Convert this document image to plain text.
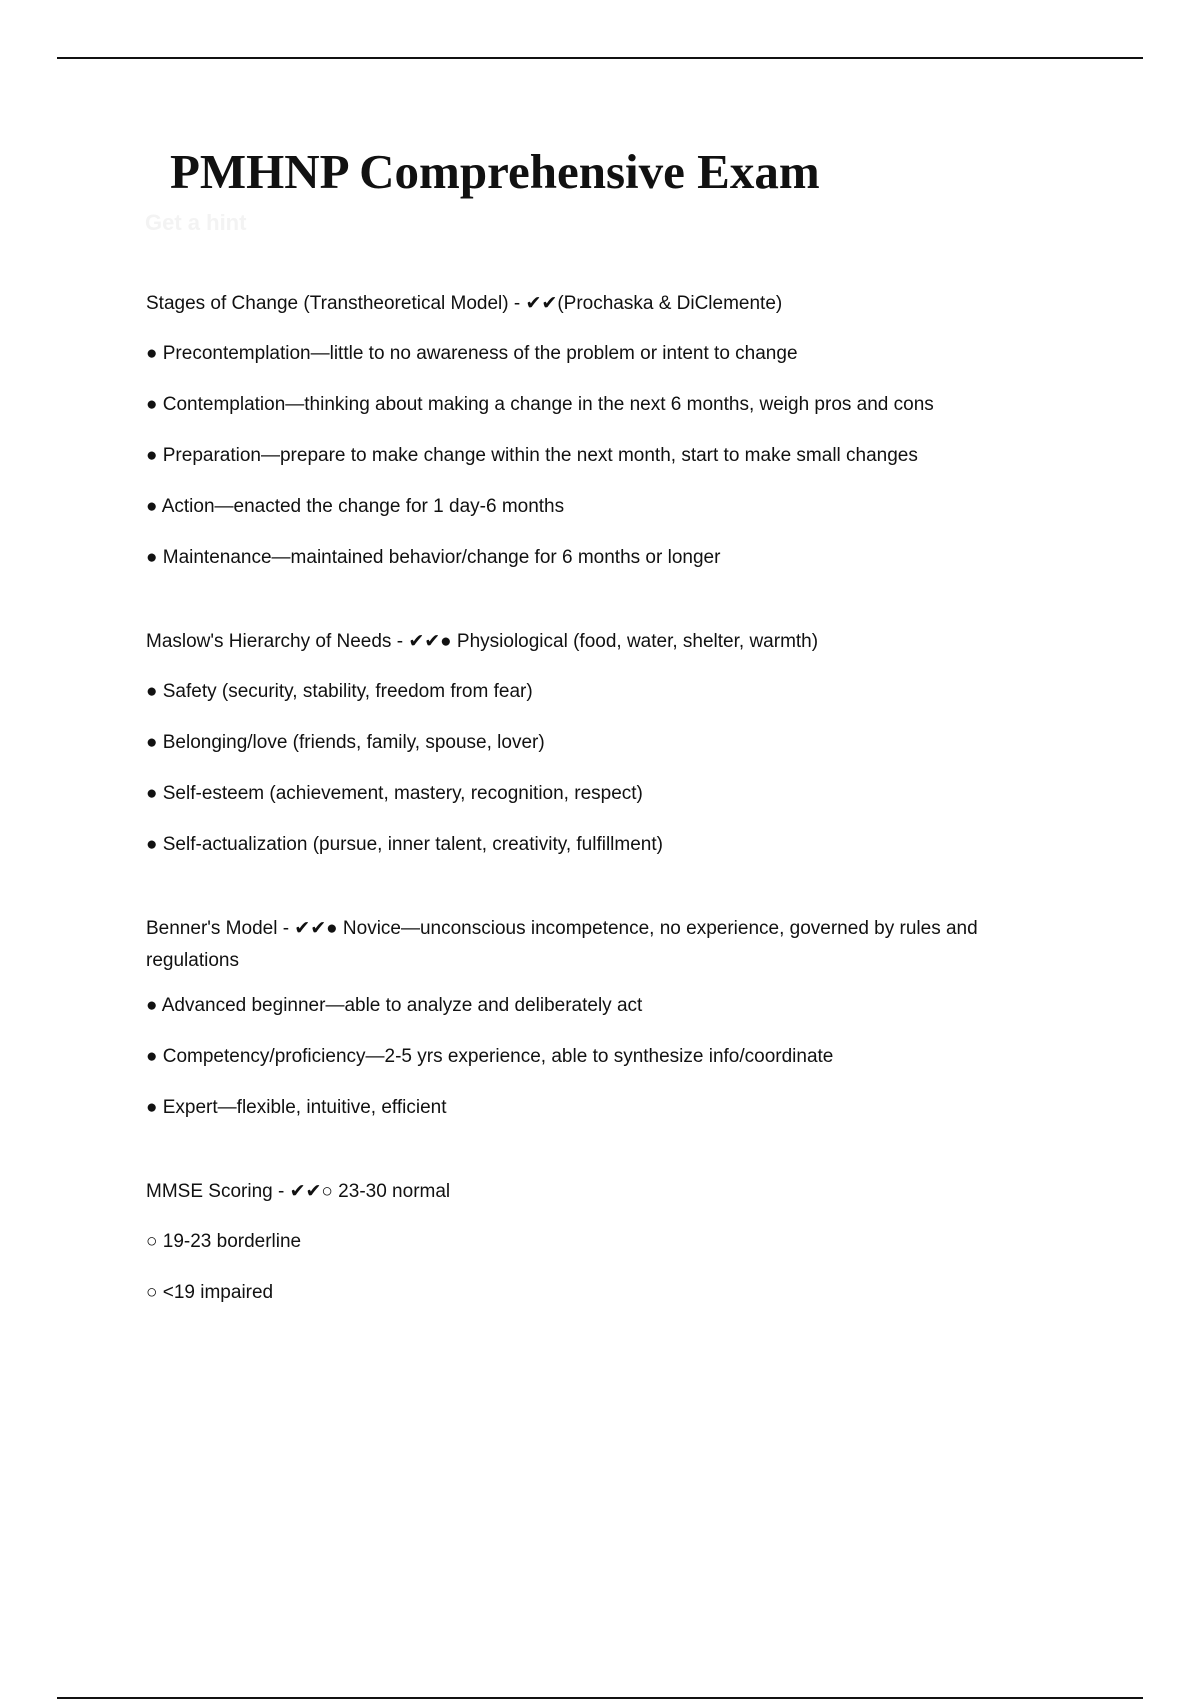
PMHNP Comprehensive Exam
Get a hint
Stages of Change (Transtheoretical Model) - ✔✔(Prochaska & DiClemente)
● Precontemplation—little to no awareness of the problem or intent to change
● Contemplation—thinking about making a change in the next 6 months, weigh pros and cons
● Preparation—prepare to make change within the next month, start to make small changes
● Action—enacted the change for 1 day-6 months
● Maintenance—maintained behavior/change for 6 months or longer
Maslow's Hierarchy of Needs - ✔✔● Physiological (food, water, shelter, warmth)
● Safety (security, stability, freedom from fear)
● Belonging/love (friends, family, spouse, lover)
● Self-esteem (achievement, mastery, recognition, respect)
● Self-actualization (pursue, inner talent, creativity, fulfillment)
Benner's Model - ✔✔● Novice—unconscious incompetence, no experience, governed by rules and regulations
● Advanced beginner—able to analyze and deliberately act
● Competency/proficiency—2-5 yrs experience, able to synthesize info/coordinate
● Expert—flexible, intuitive, efficient
MMSE Scoring - ✔✔○ 23-30 normal
○ 19-23 borderline
○ <19 impaired
